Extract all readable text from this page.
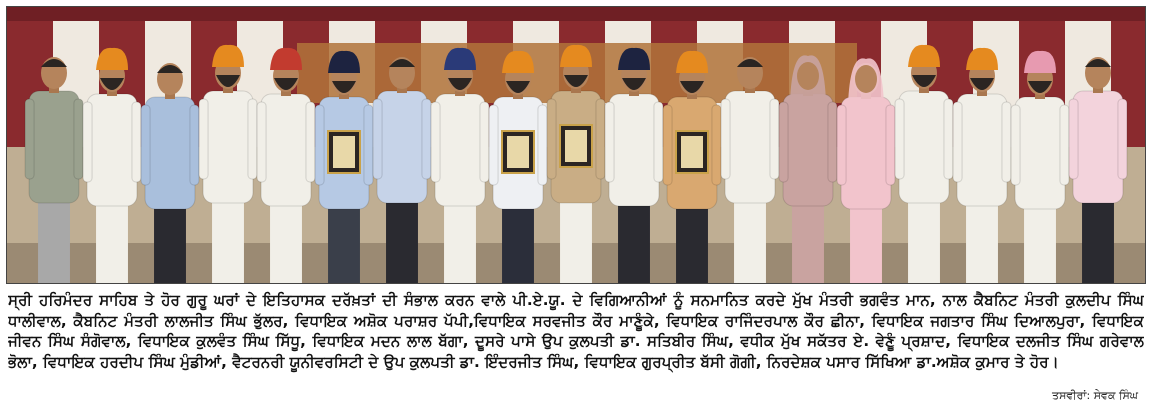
ਸ੍ਰੀ ਹਰਿਮੰਦਰ ਸਾਹਿਬ ਤੇ ਹੋਰ ਗੁਰੂ ਘਰਾਂ ਦੇ ਇਤਿਹਾਸਕ ਦਰੱਖ਼ਤਾਂ ਦੀ ਸੰਭਾਲ ਕਰਨ ਵਾਲੇ ਪੀ.ਏ.ਯੂ. ਦੇ ਵਿਗਿਆਨੀਆਂ ਨੂੰ ਸਨਮਾਨਿਤ ਕਰਦੇ ਮੁੱਖ ਮੰਤਰੀ ਭਗਵੰਤ ਮਾਨ, ਨਾਲ ਕੈਬਨਿਟ ਮੰਤਰੀ ਕੁਲਦੀਪ ਸਿੰਘ ਧਾਲੀਵਾਲ, ਕੈਬਨਿਟ ਮੰਤਰੀ ਲਾਲਜੀਤ ਸਿੰਘ ਭੁੱਲਰ, ਵਿਧਾਇਕ ਅਸ਼ੋਕ ਪਰਾਸ਼ਰ ਪੱਪੀ,ਵਿਧਾਇਕ ਸਰਵਜੀਤ ਕੌਰ ਮਾਣੂੰਕੇ, ਵਿਧਾਇਕ ਰਾਜਿੰਦਰਪਾਲ ਕੌਰ ਛੀਨਾ, ਵਿਧਾਇਕ ਜਗਤਾਰ ਸਿੰਘ ਦਿਆਲਪੁਰਾ, ਵਿਧਾਇਕ ਜੀਵਨ ਸਿੰਘ ਸੰਗੋਵਾਲ, ਵਿਧਾਇਕ ਕੁਲਵੰਤ ਸਿੰਘ ਸਿੱਧੂ, ਵਿਧਾਇਕ ਮਦਨ ਲਾਲ ਬੱਗਾ, ਦੂਸਰੇ ਪਾਸੇ ਉਪ ਕੁਲਪਤੀ ਡਾ. ਸਤਿਬੀਰ ਸਿੰਘ, ਵਧੀਕ ਮੁੱਖ ਸਕੱਤਰ ਏ. ਵੇਣੂੰ ਪ੍ਰਸ਼ਾਦ, ਵਿਧਾਇਕ ਦਲਜੀਤ ਸਿੰਘ ਗਰੇਵਾਲ ਭੋਲਾ, ਵਿਧਾਇਕ ਹਰਦੀਪ ਸਿੰਘ ਮੁੰਡੀਆਂ, ਵੈਟਰਨਰੀ ਯੂਨੀਵਰਸਿਟੀ ਦੇ ਉਪ ਕੁਲਪਤੀ ਡਾ. ਇੰਦਰਜੀਤ ਸਿੰਘ, ਵਿਧਾਇਕ ਗੁਰਪ੍ਰੀਤ ਬੱਸੀ ਗੋਗੀ, ਨਿਰਦੇਸ਼ਕ ਪਸਾਰ ਸਿੱਖਿਆ ਡਾ.ਅਸ਼ੋਕ ਕੁਮਾਰ ਤੇ ਹੋਰ।

ਤਸਵੀਰਾਂ: ਸੇਵਕ ਸਿੰਘ
